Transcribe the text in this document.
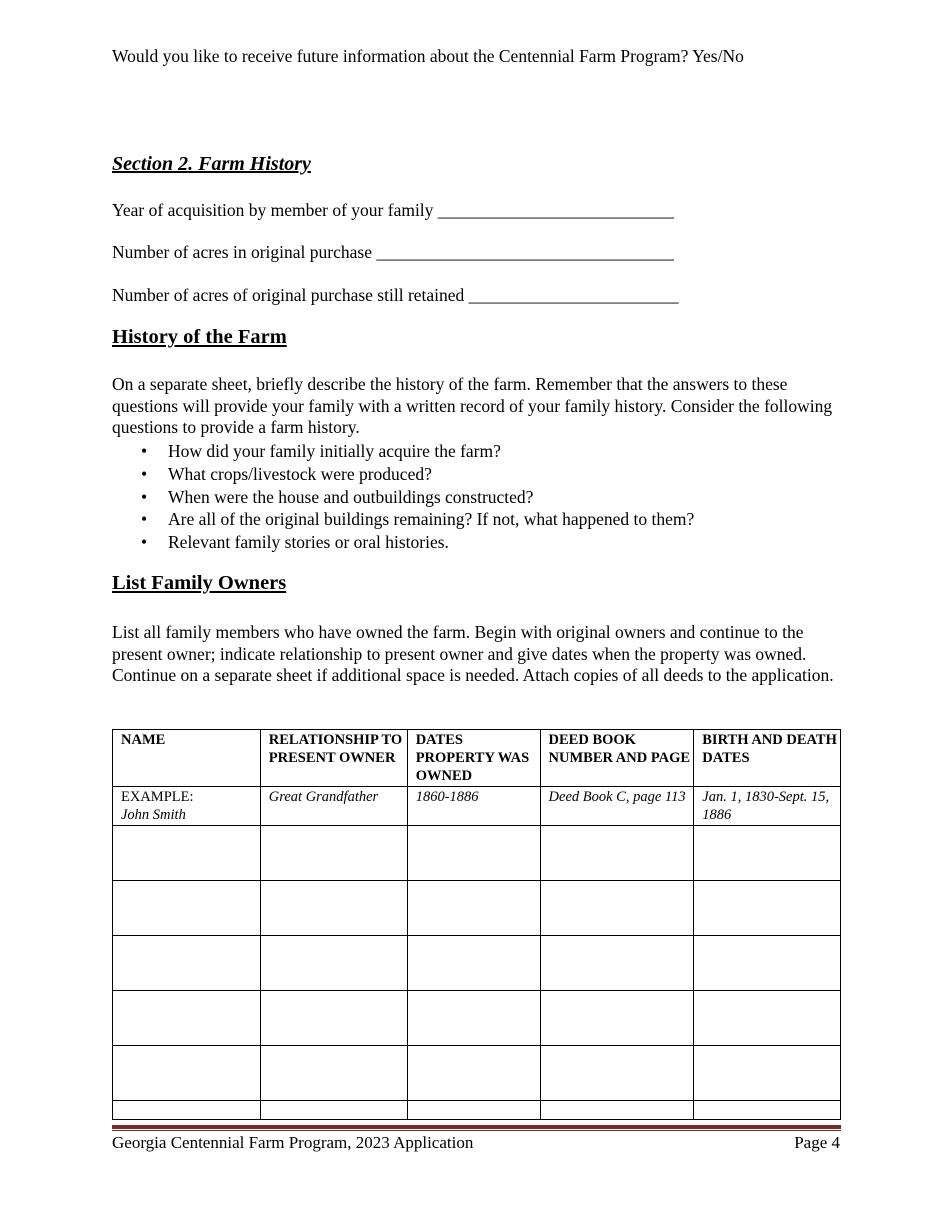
Would you like to receive future information about the Centennial Farm Program? Yes/No
Section 2. Farm History
Year of acquisition by member of your family ___________________________
Number of acres in original purchase __________________________________
Number of acres of original purchase still retained ________________________
History of the Farm
On a separate sheet, briefly describe the history of the farm. Remember that the answers to these questions will provide your family with a written record of your family history. Consider the following questions to provide a farm history.
• How did your family initially acquire the farm?
• What crops/livestock were produced?
• When were the house and outbuildings constructed?
• Are all of the original buildings remaining? If not, what happened to them?
• Relevant family stories or oral histories.
List Family Owners
List all family members who have owned the farm. Begin with original owners and continue to the present owner; indicate relationship to present owner and give dates when the property was owned. Continue on a separate sheet if additional space is needed. Attach copies of all deeds to the application.
NAME	RELATIONSHIP TO PRESENT OWNER	DATES PROPERTY WAS OWNED	DEED BOOK NUMBER AND PAGE	BIRTH AND DEATH DATES

EXAMPLE:
John Smith	Great Grandfather	1860-1886	Deed Book C, page 113	Jan. 1, 1830-Sept. 15, 1886

Georgia Centennial Farm Program, 2023 Application	Page 4
